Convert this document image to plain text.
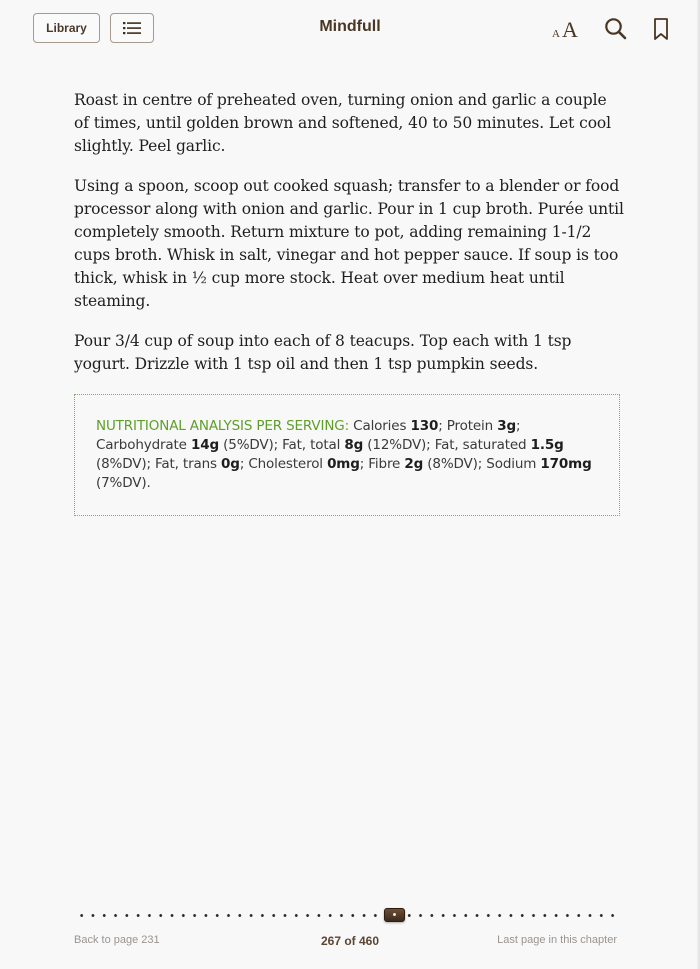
Library	Mindfull	A A

Roast in centre of preheated oven, turning onion and garlic a couple of times, until golden brown and softened, 40 to 50 minutes. Let cool slightly. Peel garlic.

Using a spoon, scoop out cooked squash; transfer to a blender or food processor along with onion and garlic. Pour in 1 cup broth. Purée until completely smooth. Return mixture to pot, adding remaining 1-1/2 cups broth. Whisk in salt, vinegar and hot pepper sauce. If soup is too thick, whisk in ½ cup more stock. Heat over medium heat until steaming.

Pour 3/4 cup of soup into each of 8 teacups. Top each with 1 tsp yogurt. Drizzle with 1 tsp oil and then 1 tsp pumpkin seeds.

NUTRITIONAL ANALYSIS PER SERVING: Calories 130; Protein 3g; Carbohydrate 14g (5%DV); Fat, total 8g (12%DV); Fat, saturated 1.5g (8%DV); Fat, trans 0g; Cholesterol 0mg; Fibre 2g (8%DV); Sodium 170mg (7%DV).
Back to page 231	267 of 460	Last page in this chapter
